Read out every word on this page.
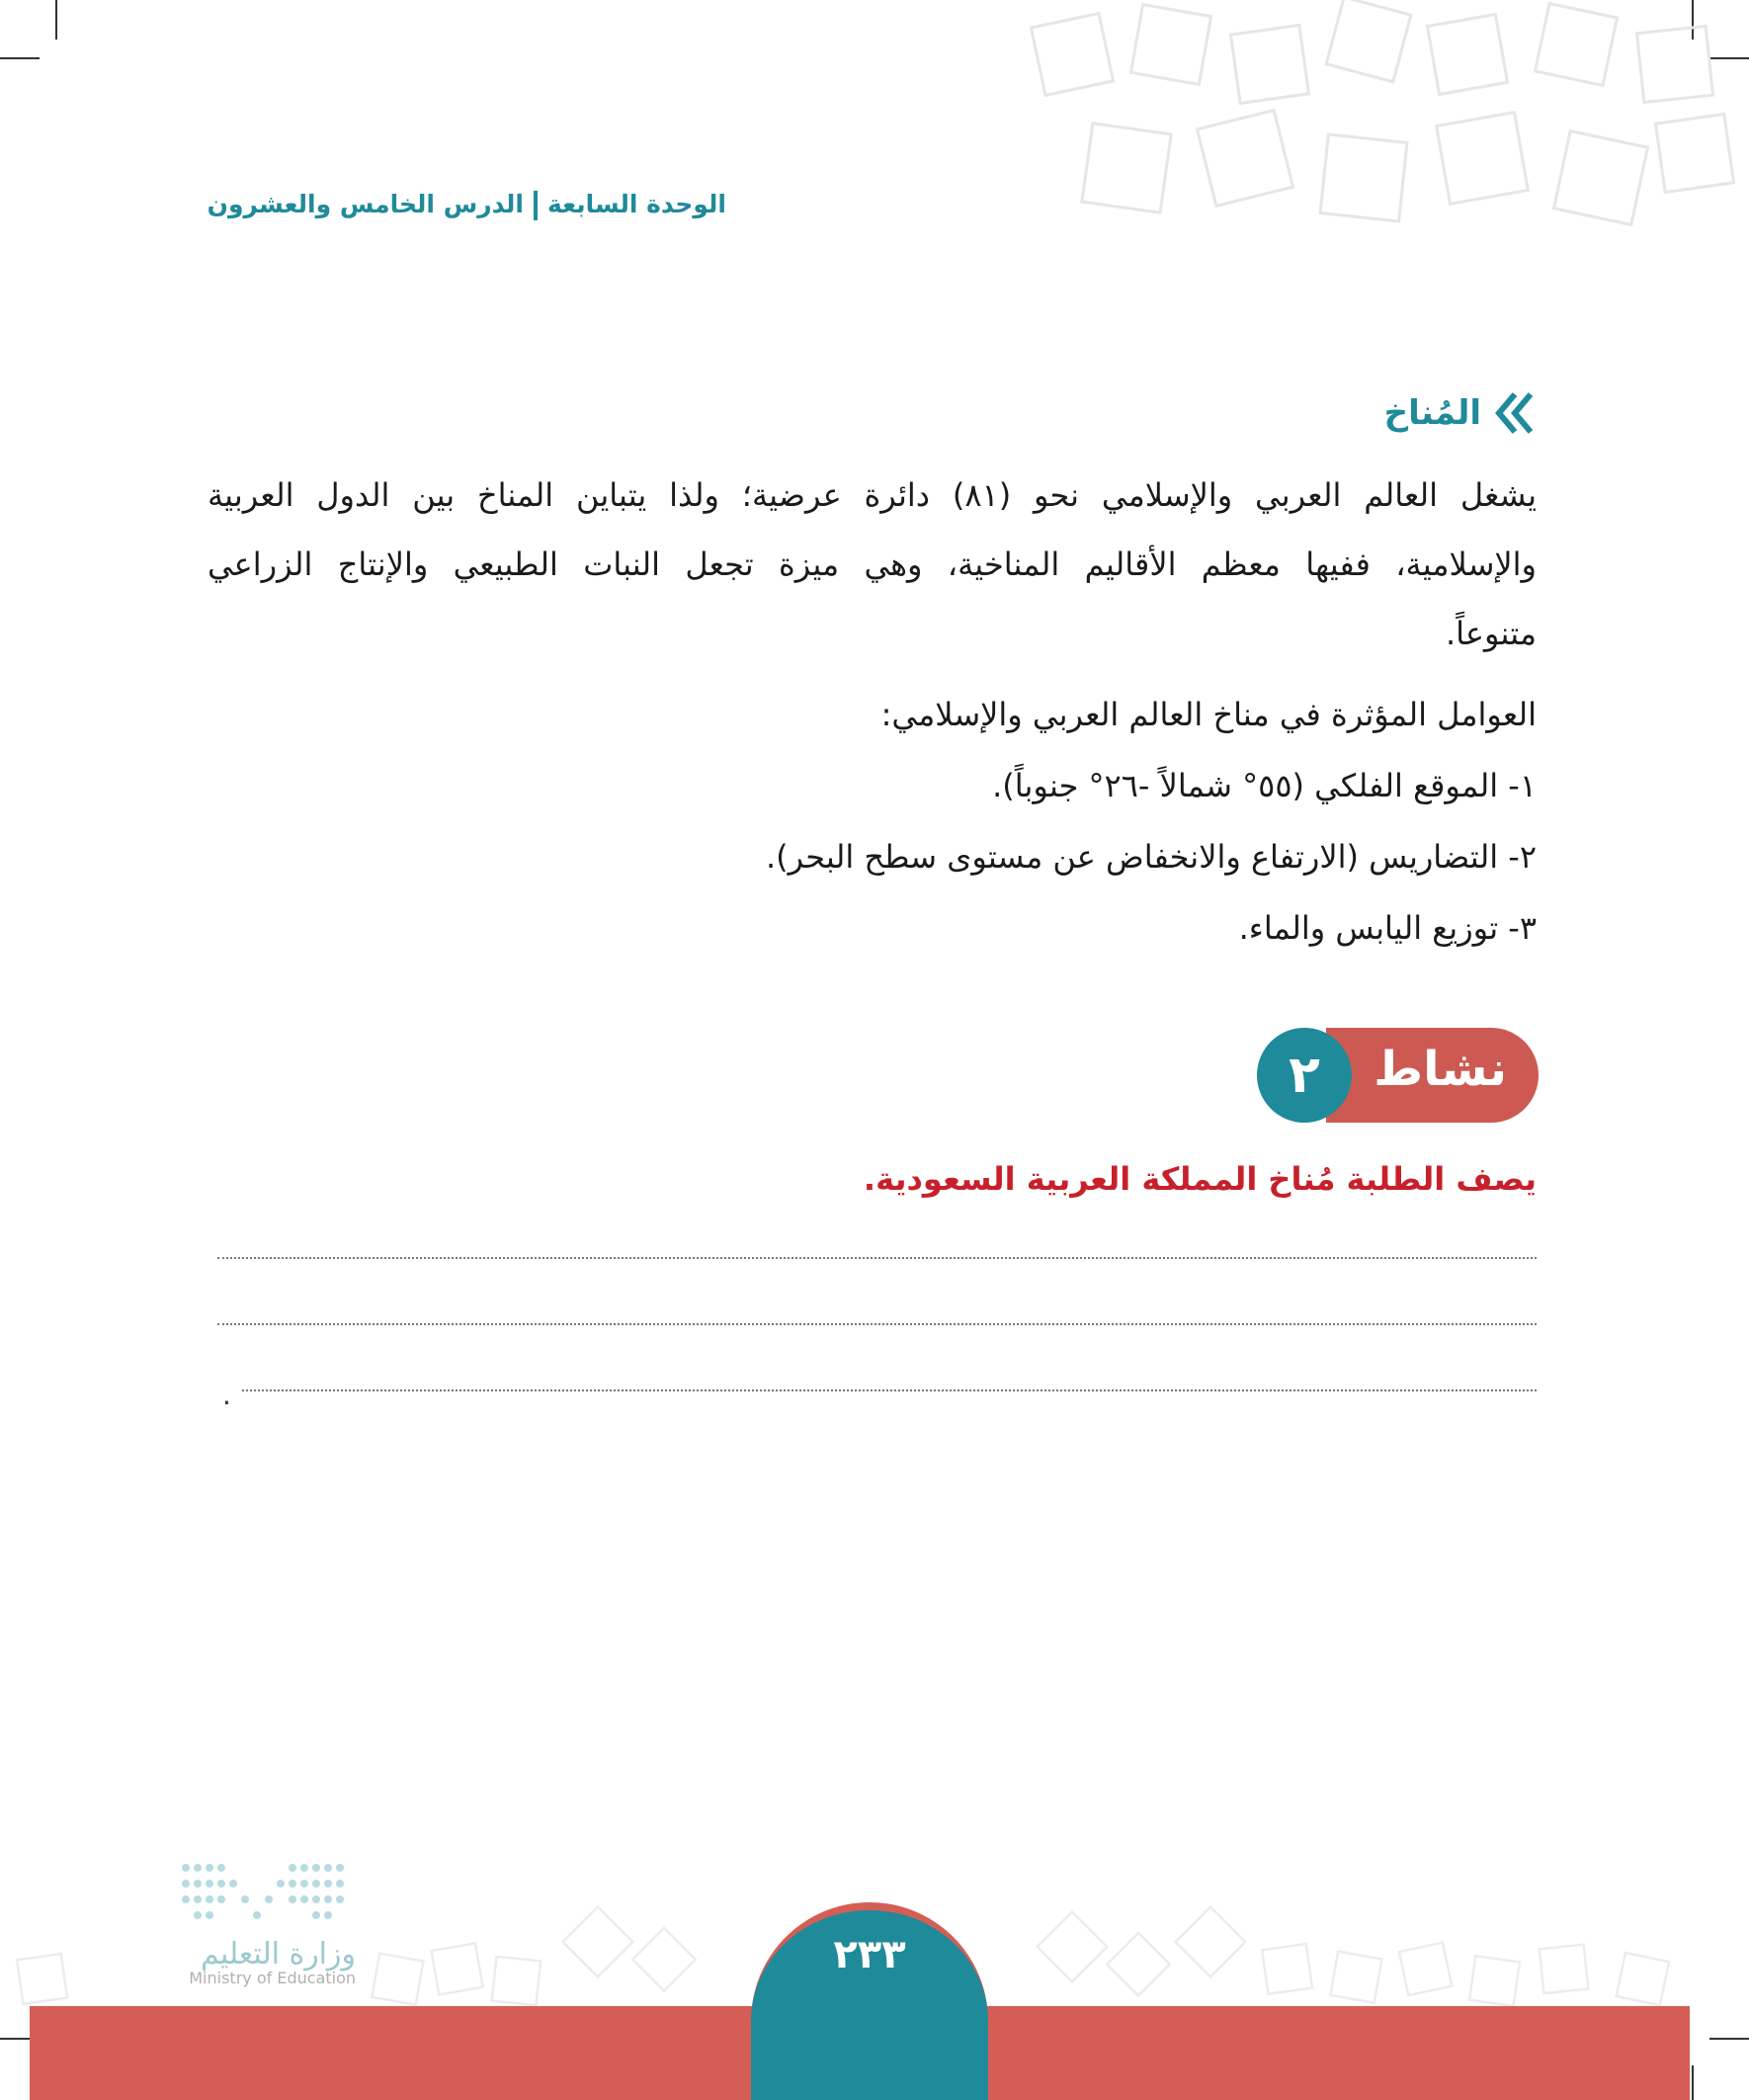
الوحدة السابعةالدرس الخامس والعشرون
المُناخ

يشغل العالم العربي والإسلامي نحو (٨١) دائرة عرضية؛ ولذا يتباين المناخ بين الدول العربية

والإسلامية، ففيها معظم الأقاليم المناخية، وهي ميزة تجعل النبات الطبيعي والإنتاج الزراعي

متنوعاً.

العوامل المؤثرة في مناخ العالم العربي والإسلامي:
١- الموقع الفلكي (٥٥° شمالاً -٢٦° جنوباً).
٢- التضاريس (الارتفاع والانخفاض عن مستوى سطح البحر).
٣- توزيع اليابس والماء.
نشاط
٢
يصف الطلبة مُناخ المملكة العربية السعودية.
.
وزارة التعليم
Ministry of Education
٢٣٣
